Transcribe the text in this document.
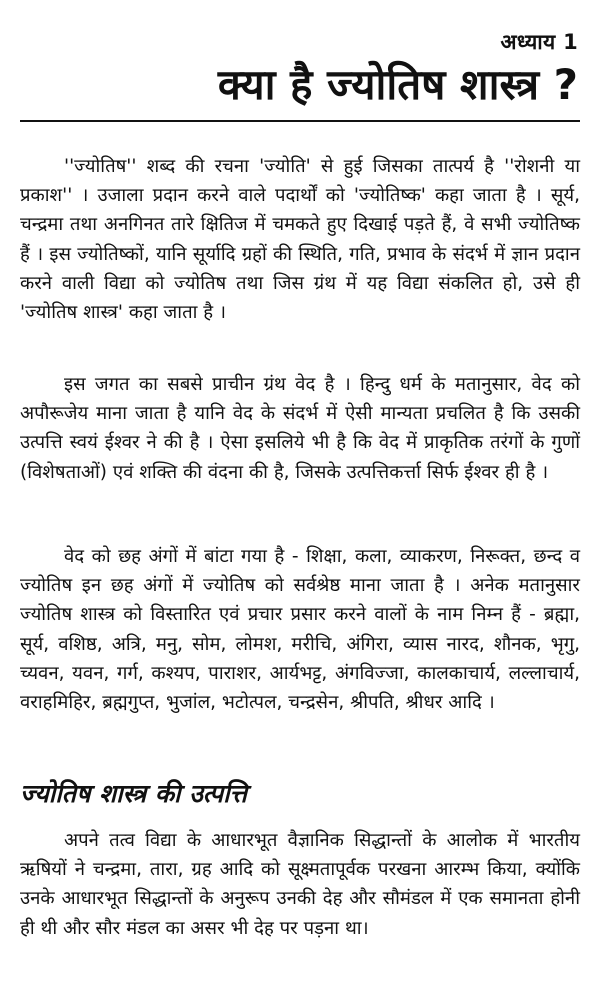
अध्याय 1
क्या है ज्योतिष शास्त्र ?

''ज्योतिष'' शब्द की रचना 'ज्योति' से हुई जिसका तात्पर्य है ''रोशनी या प्रकाश'' । उजाला प्रदान करने वाले पदार्थों को 'ज्योतिष्क' कहा जाता है । सूर्य, चन्द्रमा तथा अनगिनत तारे क्षितिज में चमकते हुए दिखाई पड़ते हैं, वे सभी ज्योतिष्क हैं । इस ज्योतिष्कों, यानि सूर्यादि ग्रहों की स्थिति, गति, प्रभाव के संदर्भ में ज्ञान प्रदान करने वाली विद्या को ज्योतिष तथा जिस ग्रंथ में यह विद्या संकलित हो, उसे ही 'ज्योतिष शास्त्र' कहा जाता है ।

इस जगत का सबसे प्राचीन ग्रंथ वेद है । हिन्दु धर्म के मतानुसार, वेद को अपौरूजेय माना जाता है यानि वेद के संदर्भ में ऐसी मान्यता प्रचलित है कि उसकी उत्पत्ति स्वयं ईश्वर ने की है । ऐसा इसलिये भी है कि वेद में प्राकृतिक तरंगों के गुणों (विशेषताओं) एवं शक्ति की वंदना की है, जिसके उत्पत्तिकर्त्ता सिर्फ ईश्वर ही है ।

वेद को छह अंगों में बांटा गया है - शिक्षा, कला, व्याकरण, निरूक्त, छन्द व ज्योतिष इन छह अंगों में ज्योतिष को सर्वश्रेष्ठ माना जाता है । अनेक मतानुसार ज्योतिष शास्त्र को विस्तारित एवं प्रचार प्रसार करने वालों के नाम निम्न हैं - ब्रह्मा, सूर्य, वशिष्ठ, अत्रि, मनु, सोम, लोमश, मरीचि, अंगिरा, व्यास नारद, शौनक, भृगु, च्यवन, यवन, गर्ग, कश्यप, पाराशर, आर्यभट्ट, अंगविज्जा, कालकाचार्य, लल्लाचार्य, वराहमिहिर, ब्रह्मगुप्त, भुजांल, भटोत्पल, चन्द्रसेन, श्रीपति, श्रीधर आदि ।

ज्योतिष शास्त्र की उत्पत्ति

अपने तत्व विद्या के आधारभूत वैज्ञानिक सिद्धान्तों के आलोक में भारतीय ऋषियों ने चन्द्रमा, तारा, ग्रह आदि को सूक्ष्मतापूर्वक परखना आरम्भ किया, क्योंकि उनके आधारभूत सिद्धान्तों के अनुरूप उनकी देह और सौमंडल में एक समानता होनी ही थी और सौर मंडल का असर भी देह पर पड़ना था।
